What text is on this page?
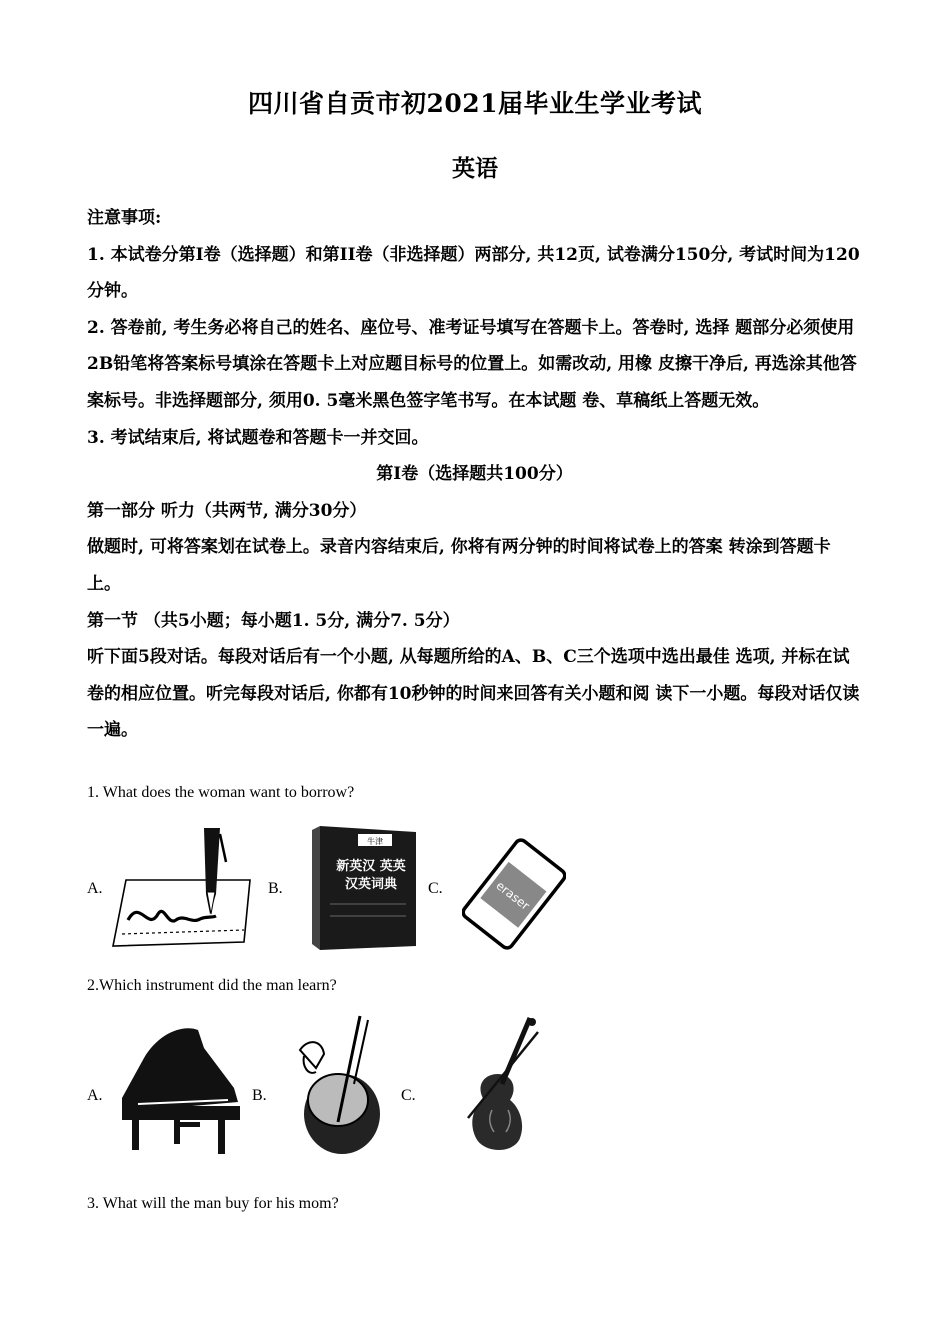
四川省自贡市初2021届毕业生学业考试
英语

注意事项:

1. 本试卷分第I卷（选择题）和第II卷（非选择题）两部分, 共12页, 试卷满分150分, 考试时间为120分钟。

2. 答卷前, 考生务必将自己的姓名、座位号、准考证号填写在答题卡上。答卷时, 选择 题部分必须使用2B铅笔将答案标号填涂在答题卡上对应题目标号的位置上。如需改动, 用橡 皮擦干净后, 再选涂其他答案标号。非选择题部分, 须用0. 5毫米黑色签字笔书写。在本试题 卷、草稿纸上答题无效。

3. 考试结束后, 将试题卷和答题卡一并交回。

第I卷（选择题共100分）

第一部分 听力（共两节, 满分30分）

做题时, 可将答案划在试卷上。录音内容结束后, 你将有两分钟的时间将试卷上的答案 转涂到答题卡上。

第一节 （共5小题；每小题1. 5分, 满分7. 5分）

听下面5段对话。每段对话后有一个小题, 从每题所给的A、B、C三个选项中选出最佳 选项, 并标在试卷的相应位置。听完每段对话后, 你都有10秒钟的时间来回答有关小题和阅 读下一小题。每段对话仅读一遍。

1. What does the woman want to borrow?
A.	B.
牛津
新英汉 英英
汉英词典 C.	eraser
2.Which instrument did the man learn?
A.	B.	C.
3. What will the man buy for his mom?
